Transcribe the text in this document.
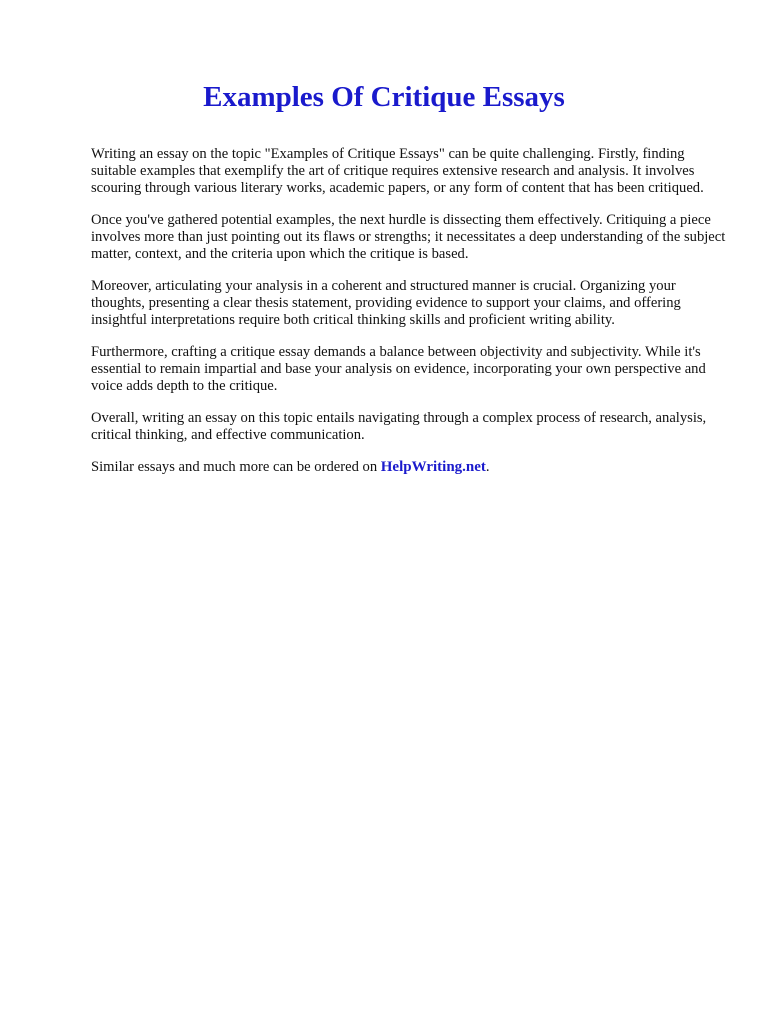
Examples Of Critique Essays

Writing an essay on the topic "Examples of Critique Essays" can be quite challenging. Firstly, finding suitable examples that exemplify the art of critique requires extensive research and analysis. It involves scouring through various literary works, academic papers, or any form of content that has been critiqued.

Once you've gathered potential examples, the next hurdle is dissecting them effectively. Critiquing a piece involves more than just pointing out its flaws or strengths; it necessitates a deep understanding of the subject matter, context, and the criteria upon which the critique is based.

Moreover, articulating your analysis in a coherent and structured manner is crucial. Organizing your thoughts, presenting a clear thesis statement, providing evidence to support your claims, and offering insightful interpretations require both critical thinking skills and proficient writing ability.

Furthermore, crafting a critique essay demands a balance between objectivity and subjectivity. While it's essential to remain impartial and base your analysis on evidence, incorporating your own perspective and voice adds depth to the critique.

Overall, writing an essay on this topic entails navigating through a complex process of research, analysis, critical thinking, and effective communication.

Similar essays and much more can be ordered on HelpWriting.net.
